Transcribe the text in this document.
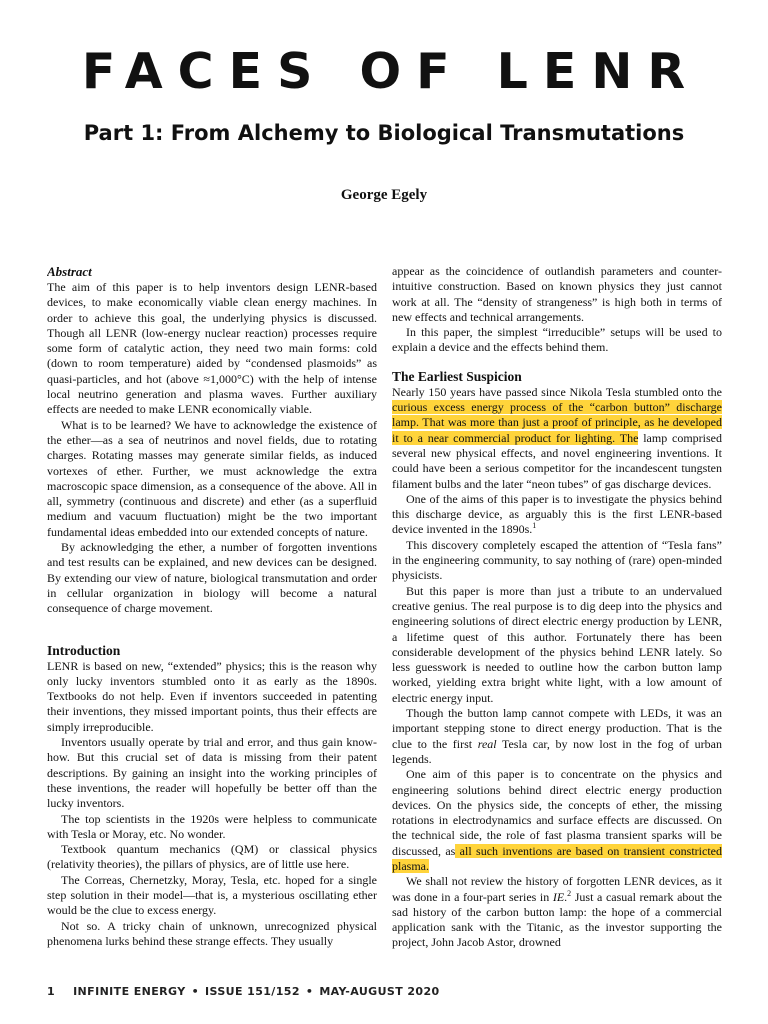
FACES OF LENR
Part 1: From Alchemy to Biological Transmutations
George Egely
Abstract

The aim of this paper is to help inventors design LENR-based devices, to make economically viable clean energy machines. In order to achieve this goal, the underlying physics is discussed. Though all LENR (low-energy nuclear reaction) processes require some form of catalytic action, they need two main forms: cold (down to room temperature) aided by “condensed plasmoids” as quasi-particles, and hot (above ≈1,000°C) with the help of intense local neutrino generation and plasma waves. Further auxiliary effects are needed to make LENR economically viable.

What is to be learned? We have to acknowledge the existence of the ether—as a sea of neutrinos and novel fields, due to rotating charges. Rotating masses may generate similar fields, as induced vortexes of ether. Further, we must acknowledge the extra macroscopic space dimension, as a consequence of the above. All in all, symmetry (continuous and discrete) and ether (as a superfluid medium and vacuum fluctuation) might be the two important fundamental ideas embedded into our extended concepts of nature.

By acknowledging the ether, a number of forgotten inventions and test results can be explained, and new devices can be designed. By extending our view of nature, biological transmutation and order in cellular organization in biology will become a natural consequence of charge movement.

Introduction

LENR is based on new, “extended” physics; this is the reason why only lucky inventors stumbled onto it as early as the 1890s. Textbooks do not help. Even if inventors succeeded in patenting their inventions, they missed important points, thus their effects are simply irreproducible.

Inventors usually operate by trial and error, and thus gain know-how. But this crucial set of data is missing from their patent descriptions. By gaining an insight into the working principles of these inventions, the reader will hopefully be better off than the lucky inventors.

The top scientists in the 1920s were helpless to communicate with Tesla or Moray, etc. No wonder.

Textbook quantum mechanics (QM) or classical physics (relativity theories), the pillars of physics, are of little use here.

The Correas, Chernetzky, Moray, Tesla, etc. hoped for a single step solution in their model—that is, a mysterious oscillating ether would be the clue to excess energy.

Not so. A tricky chain of unknown, unrecognized physical phenomena lurks behind these strange effects. They usually

appear as the coincidence of outlandish parameters and counter-intuitive construction. Based on known physics they just cannot work at all. The “density of strangeness” is high both in terms of new effects and technical arrangements.

In this paper, the simplest “irreducible” setups will be used to explain a device and the effects behind them.

The Earliest Suspicion

Nearly 150 years have passed since Nikola Tesla stumbled onto the curious excess energy process of the “carbon button” discharge lamp. That was more than just a proof of principle, as he developed it to a near commercial product for lighting. The lamp comprised several new physical effects, and novel engineering inventions. It could have been a serious competitor for the incandescent tungsten filament bulbs and the later “neon tubes” of gas discharge devices.

One of the aims of this paper is to investigate the physics behind this discharge device, as arguably this is the first LENR-based device invented in the 1890s.$^1$

This discovery completely escaped the attention of “Tesla fans” in the engineering community, to say nothing of (rare) open-minded physicists.

But this paper is more than just a tribute to an undervalued creative genius. The real purpose is to dig deep into the physics and engineering solutions of direct electric energy production by LENR, a lifetime quest of this author. Fortunately there has been considerable development of the physics behind LENR lately. So less guesswork is needed to outline how the carbon button lamp worked, yielding extra bright white light, with a low amount of electric energy input.

Though the button lamp cannot compete with LEDs, it was an important stepping stone to direct energy production. That is the clue to the first real Tesla car, by now lost in the fog of urban legends.

One aim of this paper is to concentrate on the physics and engineering solutions behind direct electric energy production devices. On the physics side, the concepts of ether, the missing rotations in electrodynamics and surface effects are discussed. On the technical side, the role of fast plasma transient sparks will be discussed, as all such inventions are based on transient constricted plasma.

We shall not review the history of forgotten LENR devices, as it was done in a four-part series in IE.$^2$ Just a casual remark about the sad history of the carbon button lamp: the hope of a commercial application sank with the Titanic, as the investor supporting the project, John Jacob Astor, drowned

1 INFINITE ENERGY • ISSUE 151/152 • MAY-AUGUST 2020
